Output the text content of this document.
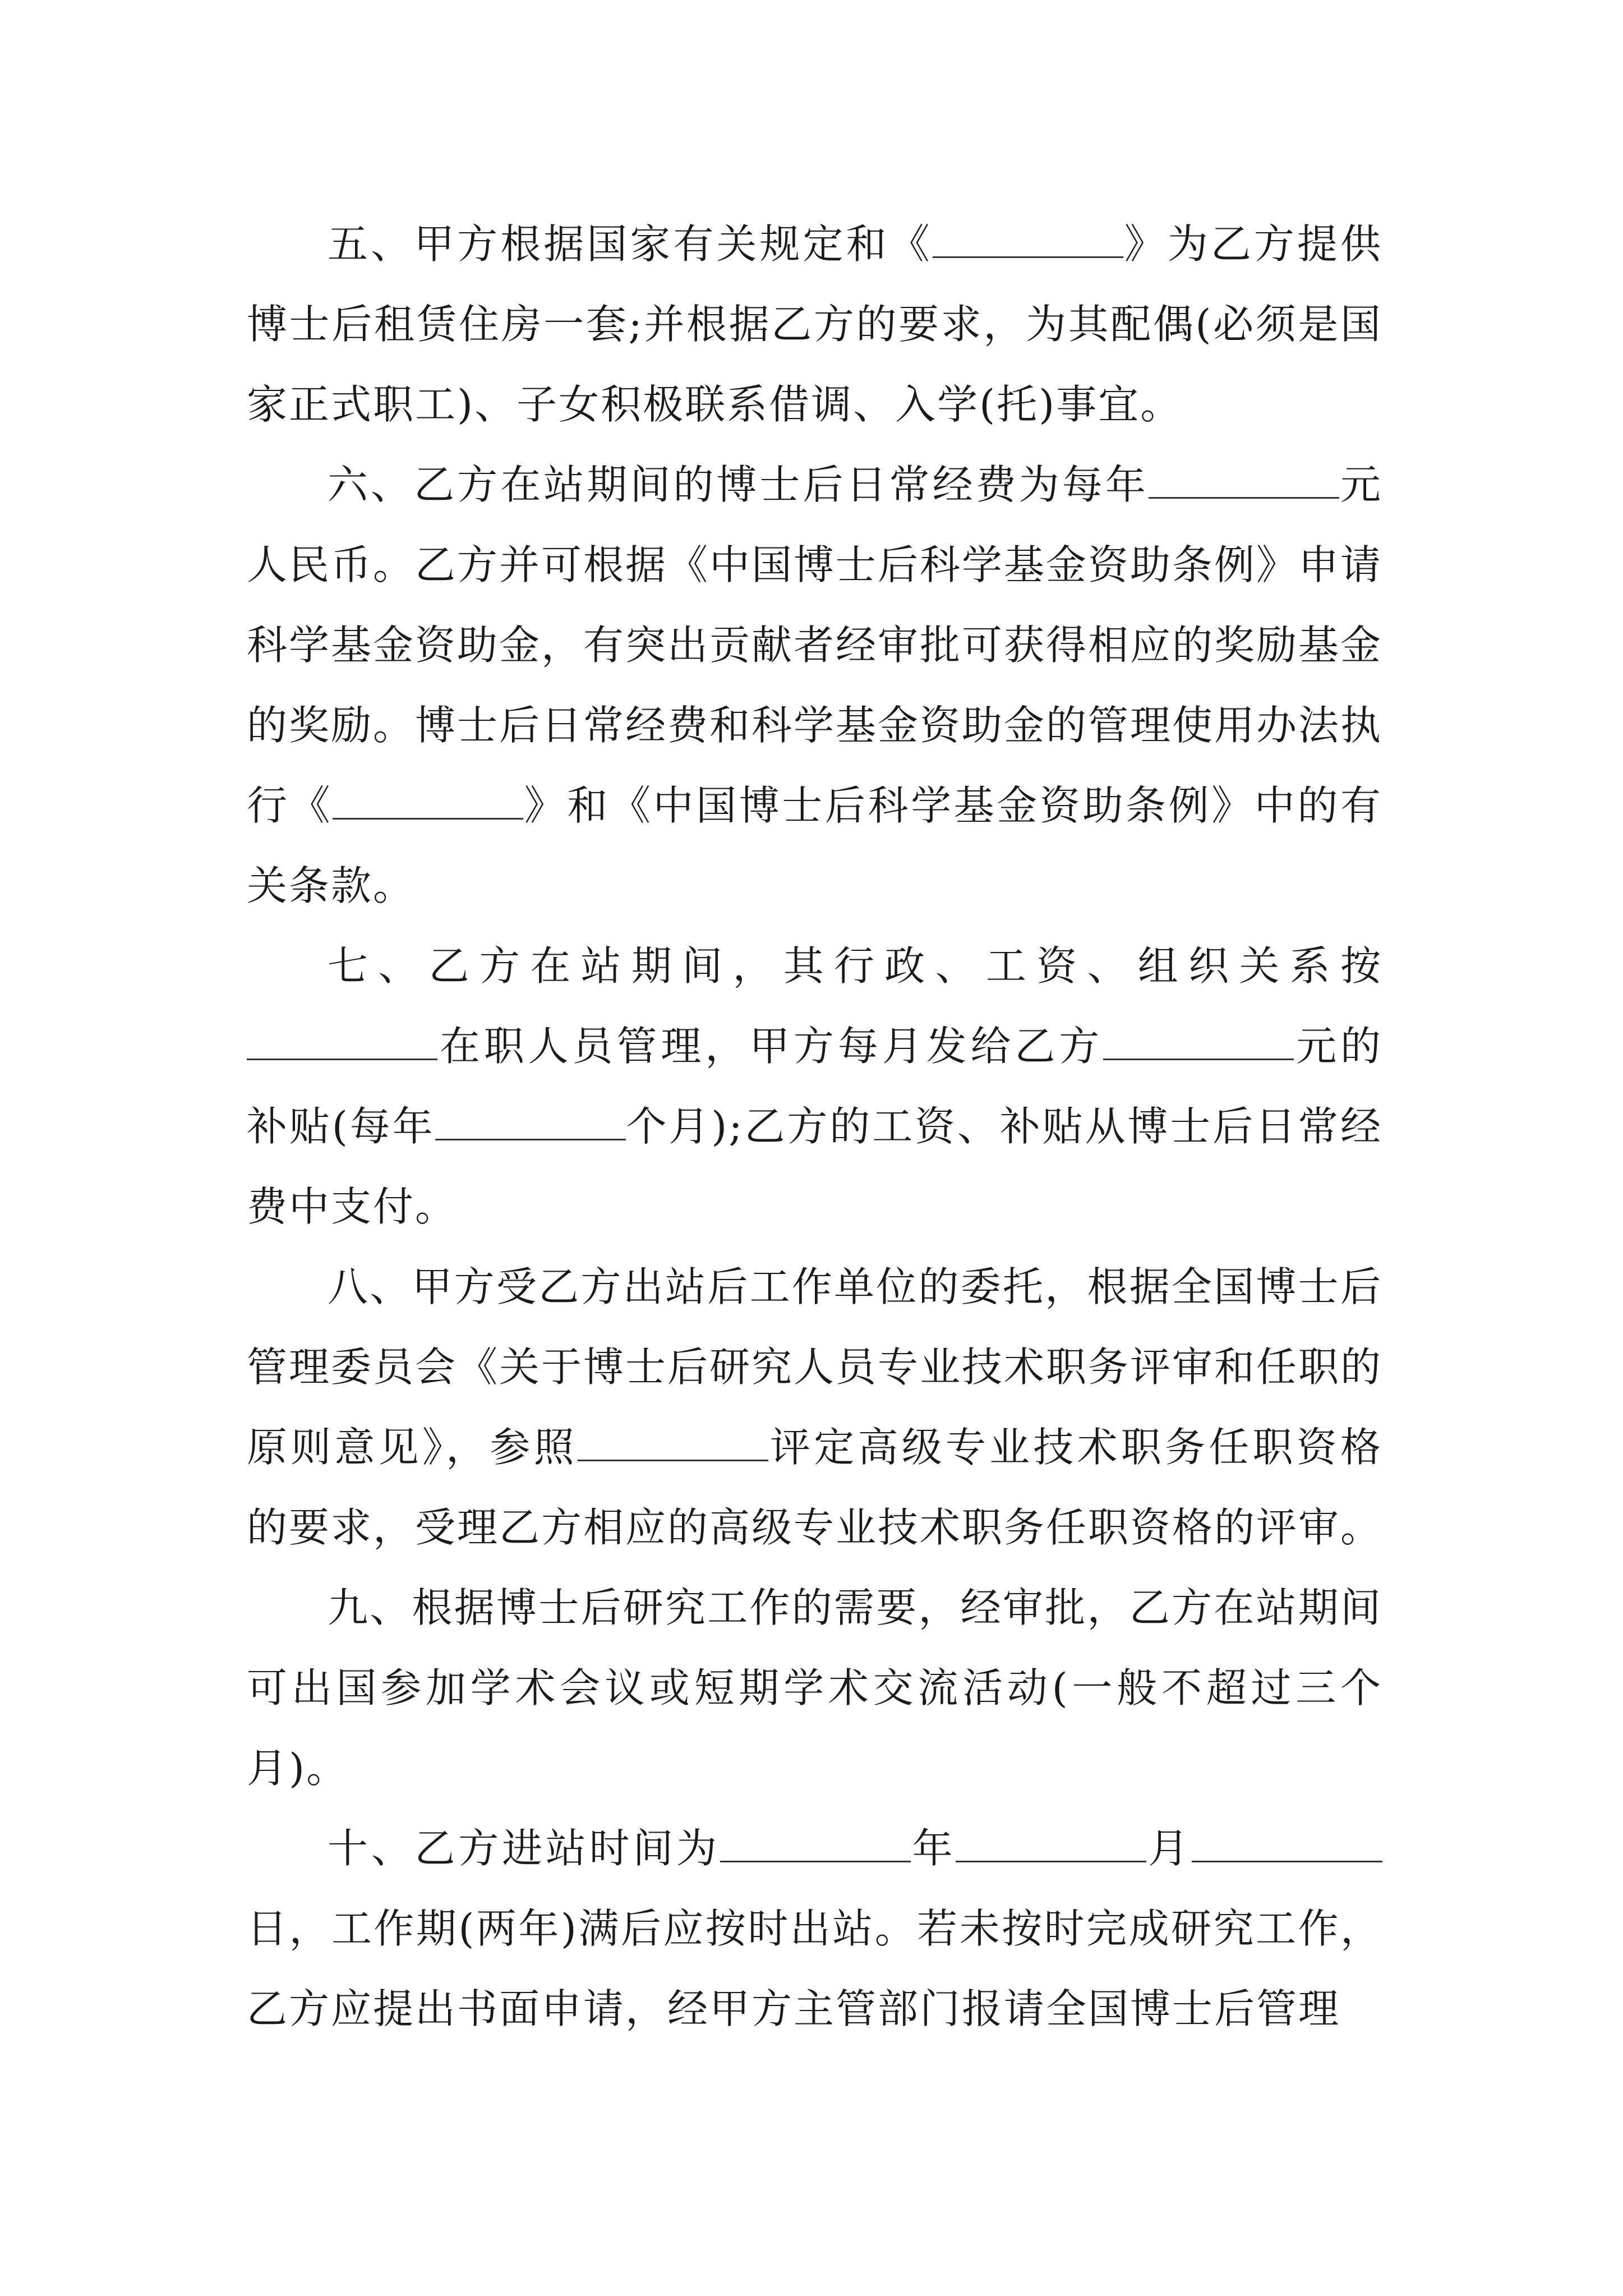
五、甲方根据国家有关规定和《	》为乙方提供博士后租赁住房一套;并根据乙方的要求，为其配偶(必须是国家正式职工)、子女积极联系借调、入学(托)事宜。

六、乙方在站期间的博士后日常经费为每年	元人民币。乙方并可根据《中国博士后科学基金资助条例》申请科学基金资助金，有突出贡献者经审批可获得相应的奖励基金的奖励。博士后日常经费和科学基金资助金的管理使用办法执行《	》和《中国博士后科学基金资助条例》中的有关条款。

七、乙方在站期间，其行政、工资、组织关系按在职人员管理，甲方每月发给乙方	元的补贴(每年	个月);乙方的工资、补贴从博士后日常经费中支付。

八、甲方受乙方出站后工作单位的委托，根据全国博士后管理委员会《关于博士后研究人员专业技术职务评审和任职的原则意见》，参照	评定高级专业技术职务任职资格的要求，受理乙方相应的高级专业技术职务任职资格的评审。

九、根据博士后研究工作的需要，经审批，乙方在站期间可出国参加学术会议或短期学术交流活动(一般不超过三个月)。

十、乙方进站时间为	年	月日，工作期(两年)满后应按时出站。若未按时完成研究工作，乙方应提出书面申请，经甲方主管部门报请全国博士后管理
